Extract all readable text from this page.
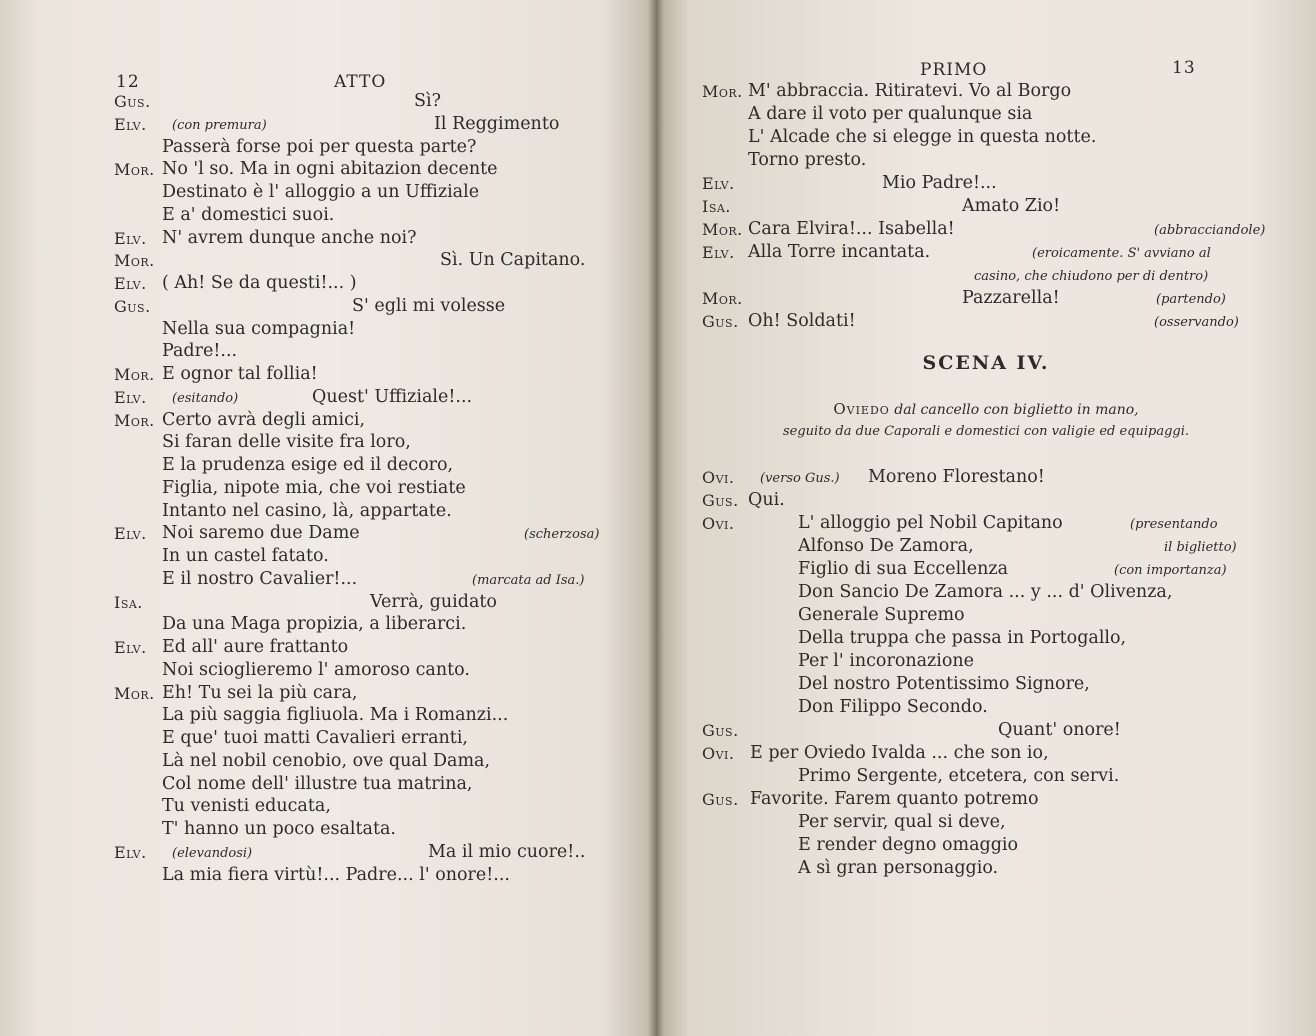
12	ATTO
Gus.	Sì?
Elv.	Il Reggimento
(con premura)
Passerà forse poi per questa parte?
Mor. No 'l so. Ma in ogni abitazion decente
Destinato è l' alloggio a un Uffiziale
E a' domestici suoi.
Elv. N' avrem dunque anche noi?
Mor.	Sì. Un Capitano.
Elv. ( Ah! Se da questi!... )
Gus.	S' egli mi volesse
Nella sua compagnia!
Padre!...
Mor. E ognor tal follia!
Elv.	Quest' Uffiziale!...
(esitando)
Mor. Certo avrà degli amici,
Si faran delle visite fra loro,
E la prudenza esige ed il decoro,
Figlia, nipote mia, che voi restiate
Intanto nel casino, là, appartate.
Elv. Noi saremo due Dame	(scherzosa)
In un castel fatato.
E il nostro Cavalier!...	(marcata ad Isa.)
Isa.	Verrà, guidato
Da una Maga propizia, a liberarci.
Elv. Ed all' aure frattanto
Noi scioglieremo l' amoroso canto.
Mor. Eh! Tu sei la più cara,
La più saggia figliuola. Ma i Romanzi...
E que' tuoi matti Cavalieri erranti,
Là nel nobil cenobio, ove qual Dama,
Col nome dell' illustre tua matrina,
Tu venisti educata,
T' hanno un poco esaltata.
Elv.	Ma il mio cuore!..
(elevandosi)
La mia fiera virtù!... Padre... l' onore!...
PRIMO	13
Mor. M' abbraccia. Ritiratevi. Vo al Borgo
A dare il voto per qualunque sia
L' Alcade che si elegge in questa notte.
Torno presto.
Elv.	Mio Padre!...
Isa.	Amato Zio!
Mor. Cara Elvira!... Isabella!	(abbracciandole)
Elv. Alla Torre incantata.	(eroicamente. S' avviano al
casino, che chiudono per di dentro)
Mor.	Pazzarella!	(partendo)
Gus. Oh! Soldati!	(osservando)
SCENA IV.
Oviedo dal cancello con biglietto in mano,
seguito da due Caporali e domestici con valigie ed equipaggi.
Ovi.	Moreno Florestano!
(verso Gus.)
Gus. Qui.
Ovi.	L' alloggio pel Nobil Capitano	(presentando
Alfonso De Zamora,	il biglietto)
Figlio di sua Eccellenza	(con importanza)
Don Sancio De Zamora ... y ... d' Olivenza,
Generale Supremo
Della truppa che passa in Portogallo,
Per l' incoronazione
Del nostro Potentissimo Signore,
Don Filippo Secondo.
Gus.	Quant' onore!
Ovi. E per Oviedo Ivalda ... che son io,
Primo Sergente, etcetera, con servi.
Gus. Favorite. Farem quanto potremo
Per servir, qual si deve,
E render degno omaggio
A sì gran personaggio.
